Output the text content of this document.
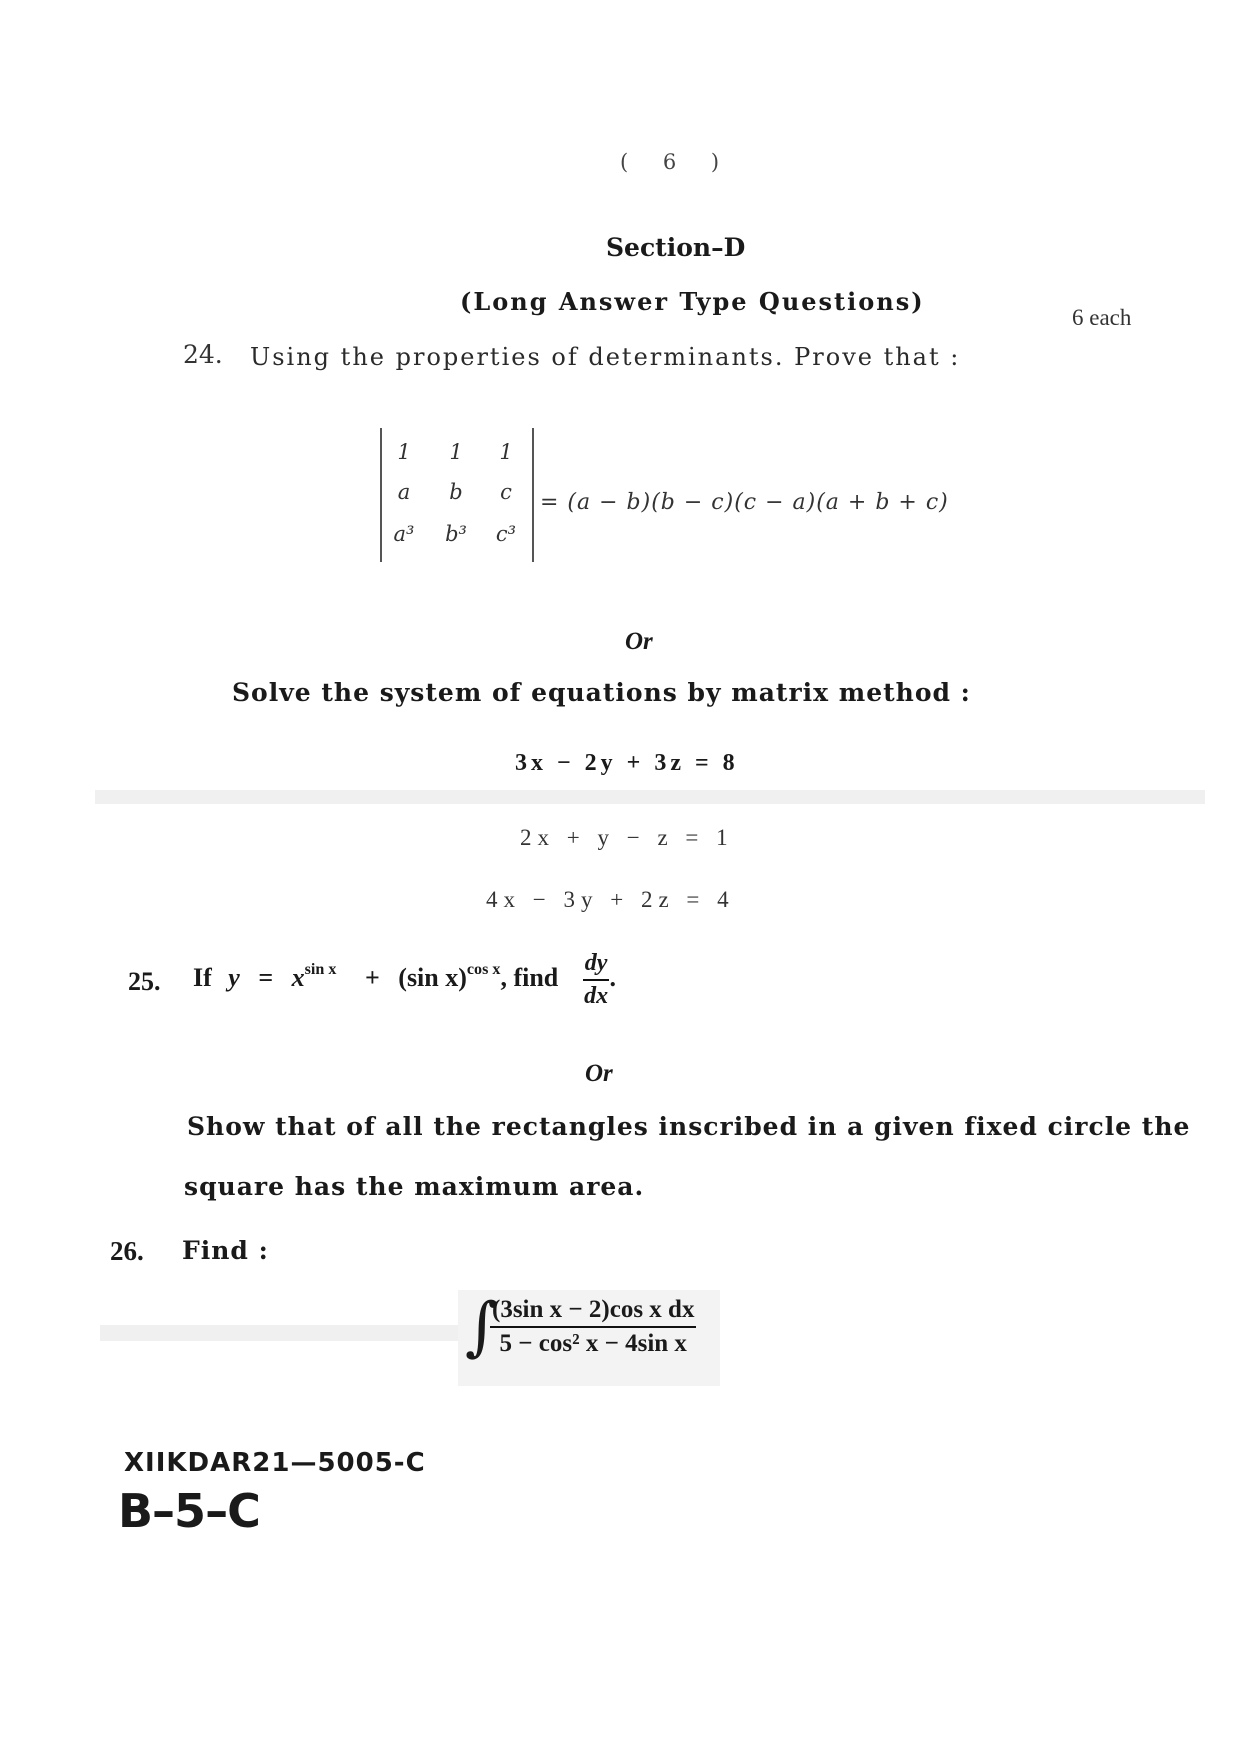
( 6 )
Section–D
(Long Answer Type Questions)
6 each
24. Using the properties of determinants. Prove that :
1	1	1
a	b	c
a³	b³	c³
= (a − b)(b − c)(c − a)(a + b + c)
Or
Solve the system of equations by matrix method :
3x − 2y + 3z = 8
2x + y − z = 1
4x − 3y + 2z = 4
25. If $y = x^{sin x} + (\sin$ x)$^{cos x}$, find $\frac{dy}{dx}$ .
Or
Show that of all the rectangles inscribed in a given fixed circle the
square has the maximum area.
26. Find :
∫
$\frac{\text{(3sin x − 2)cos x dx}}{\text{5 − cos² x − 4sin x}}$
XIIKDAR21—5005-C
B–5–C
